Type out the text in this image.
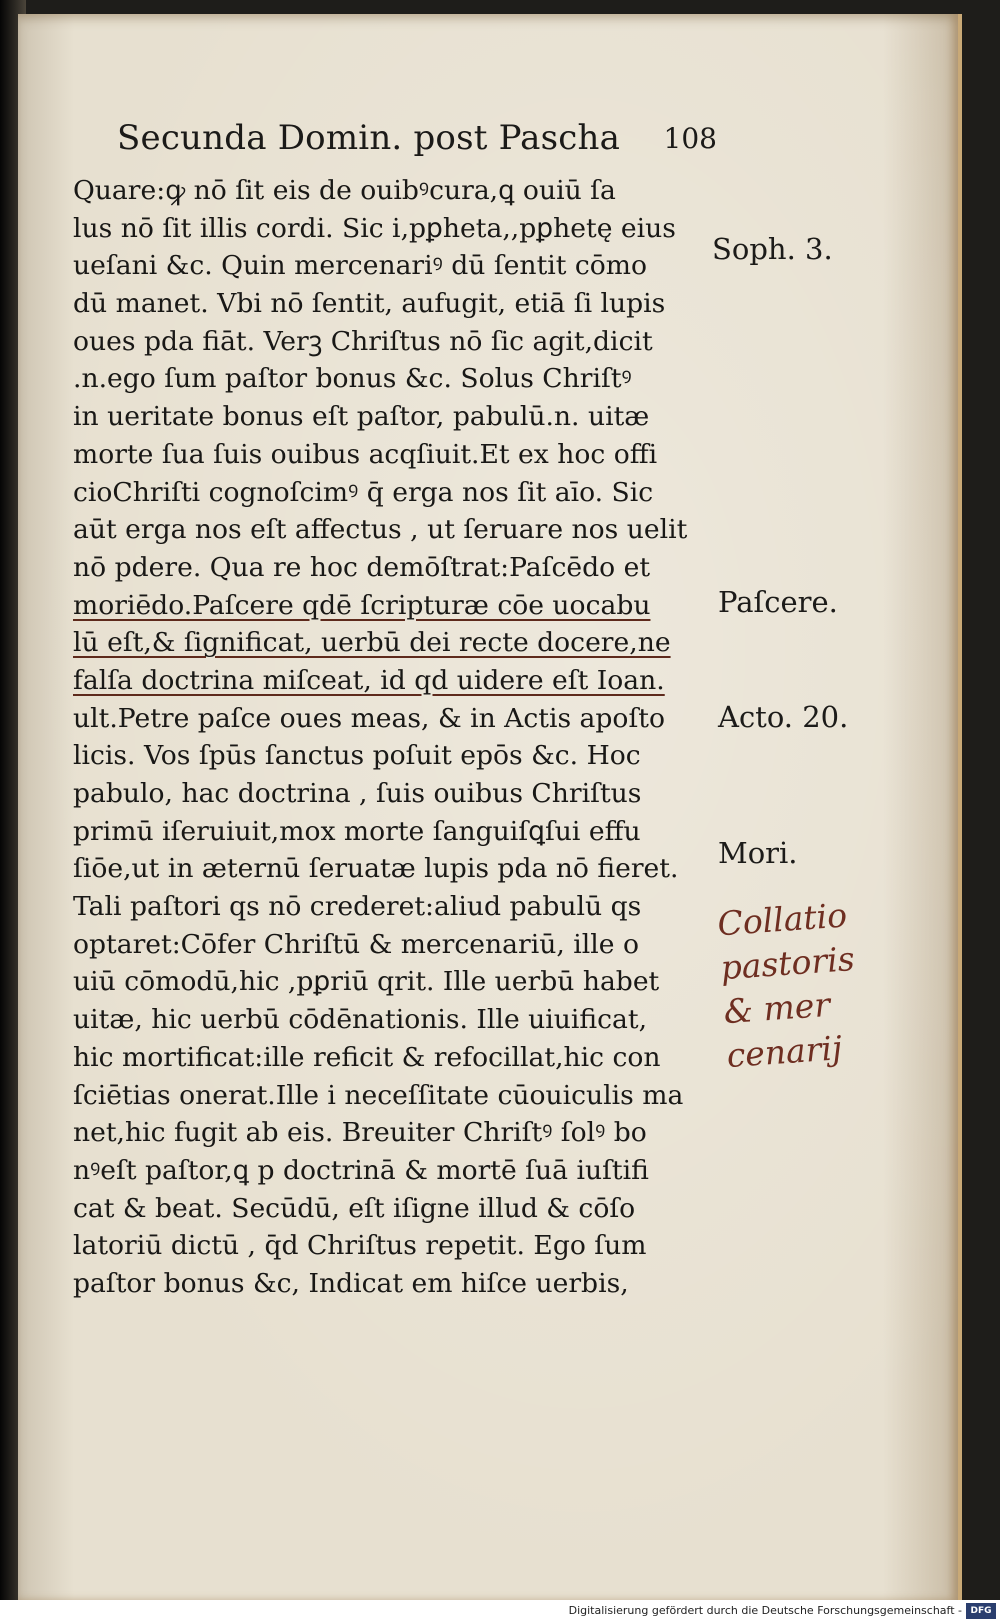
Secunda Domin. post Pascha 108
Quare:ꝙ nō ſit eis de ouibꝰcura,ꝗ ouiū ſa
lus nō ſit illis cordi. Sic i,pꝑheta,,pꝑhetę eius
ueſani &c. Quin mercenariꝰ dū ſentit cōmo
dū manet. Vbi nō ſentit, aufugit, etiā ſi lupis
oues pda fiāt. Verꝫ Chriſtus nō ſic agit,dicit
.n.ego ſum paſtor bonus &c. Solus Chriſtꝰ
in ueritate bonus eſt paſtor, pabulū.n. uitæ
morte ſua ſuis ouibus acqſiuit.Et ex hoc offi
cioChriſti cognoſcimꝰ q̄ erga nos ſit aīo. Sic
aūt erga nos eſt affectus , ut ſeruare nos uelit
nō pdere. Qua re hoc demōſtrat:Paſcēdo et
moriēdo.Paſcere qdē ſcripturæ cōe uocabu
lū eſt,& ſignificat, uerbū dei recte docere,ne
falſa doctrina miſceat, id qd uidere eſt Ioan.
ult.Petre paſce oues meas, & in Actis apoſto
licis. Vos ſpūs ſanctus poſuit epōs &c. Hoc
pabulo, hac doctrina , ſuis ouibus Chriſtus
primū iſeruiuit,mox morte ſanguiſꝗſui effu
ſiōe,ut in æternū ſeruatæ lupis pda nō fieret.
Tali paſtori qs nō crederet:aliud pabulū qs
optaret:Cōfer Chriſtū & mercenariū, ille o
uiū cōmodū,hic ,pꝑriū qrit. Ille uerbū habet
uitæ, hic uerbū cōdēnationis. Ille uiuificat,
hic mortificat:ille reficit & refocillat,hic con
ſciētias onerat.Ille i neceſſitate cūouiculis ma
net,hic fugit ab eis. Breuiter Chriſtꝰ ſolꝰ bo
nꝰeſt paſtor,ꝗ p doctrinā & mortē ſuā iuſtifi
cat & beat. Secūdū, eſt iſigne illud & cōſo
latoriū dictū , q̄d Chriſtus repetit. Ego ſum
paſtor bonus &c, Indicat em hiſce uerbis,
Soph. 3.
Paſcere.
Acto. 20.
Mori.
Collatio
pastoris
& mer
cenarij
Digitalisierung gefördert durch die Deutsche Forschungsgemeinschaft - DFG
